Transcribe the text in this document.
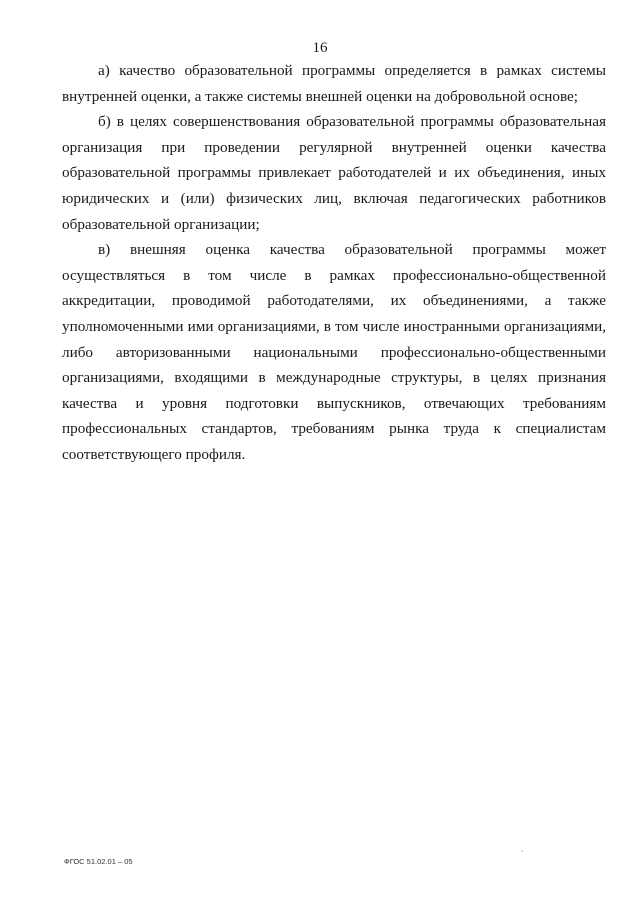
16
а) качество образовательной программы определяется в рамках системы
внутренней оценки, а также системы внешней оценки на добровольной основе;
б) в целях совершенствования образовательной программы образовательная
организация при проведении регулярной внутренней оценки качества
образовательной программы привлекает работодателей и их объединения, иных
юридических и (или) физических лиц, включая педагогических работников
образовательной организации;
в) внешняя оценка качества образовательной программы может
осуществляться в том числе в рамках профессионально-общественной
аккредитации, проводимой работодателями, их объединениями, а также
уполномоченными ими организациями, в том числе иностранными организациями,
либо авторизованными национальными профессионально-общественными
организациями, входящими в международные структуры, в целях признания
качества и уровня подготовки выпускников, отвечающих требованиям
профессиональных стандартов, требованиям рынка труда к специалистам
соответствующего профиля.
ФГОС 51.02.01 – 05
